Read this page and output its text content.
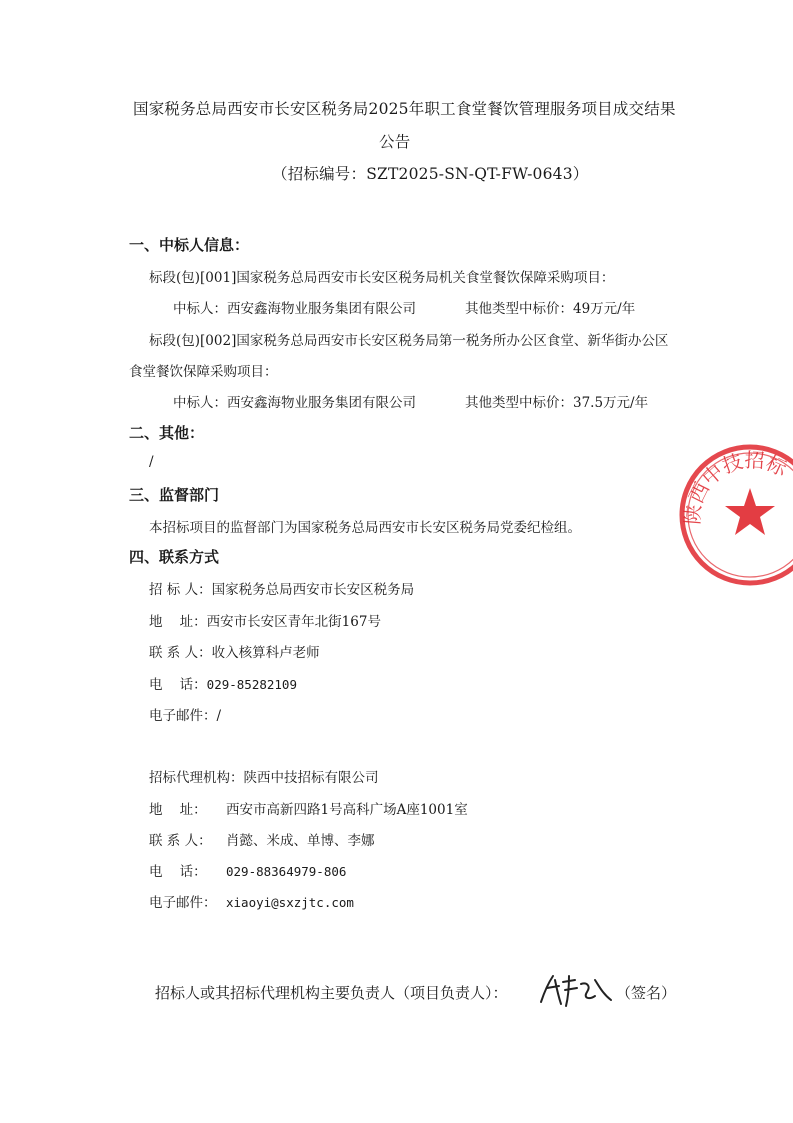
国家税务总局西安市长安区税务局2025年职工食堂餐饮管理服务项目成交结果
公告
（招标编号：SZT2025-SN-QT-FW-0643）
一、中标人信息：
标段(包)[001]国家税务总局西安市长安区税务局机关食堂餐饮保障采购项目：
中标人：西安鑫海物业服务集团有限公司	其他类型中标价：49万元/年
标段(包)[002]国家税务总局西安市长安区税务局第一税务所办公区食堂、新华街办公区
食堂餐饮保障采购项目：
中标人：西安鑫海物业服务集团有限公司	其他类型中标价：37.5万元/年
二、其他：
/
三、监督部门
本招标项目的监督部门为国家税务总局西安市长安区税务局党委纪检组。
四、联系方式
招 标 人：国家税务总局西安市长安区税务局
地    址：西安市长安区青年北街167号
联 系 人：收入核算科卢老师
电    话：029-85282109
电子邮件：/
招标代理机构：陕西中技招标有限公司
地    址： 西安市高新四路1号高科广场A座1001室
联 系 人： 肖懿、米成、单博、李娜
电    话： 029-88364979-806
电子邮件： xiaoyi@sxzjtc.com
招标人或其招标代理机构主要负责人（项目负责人）：	（签名）
陕西中技招标
